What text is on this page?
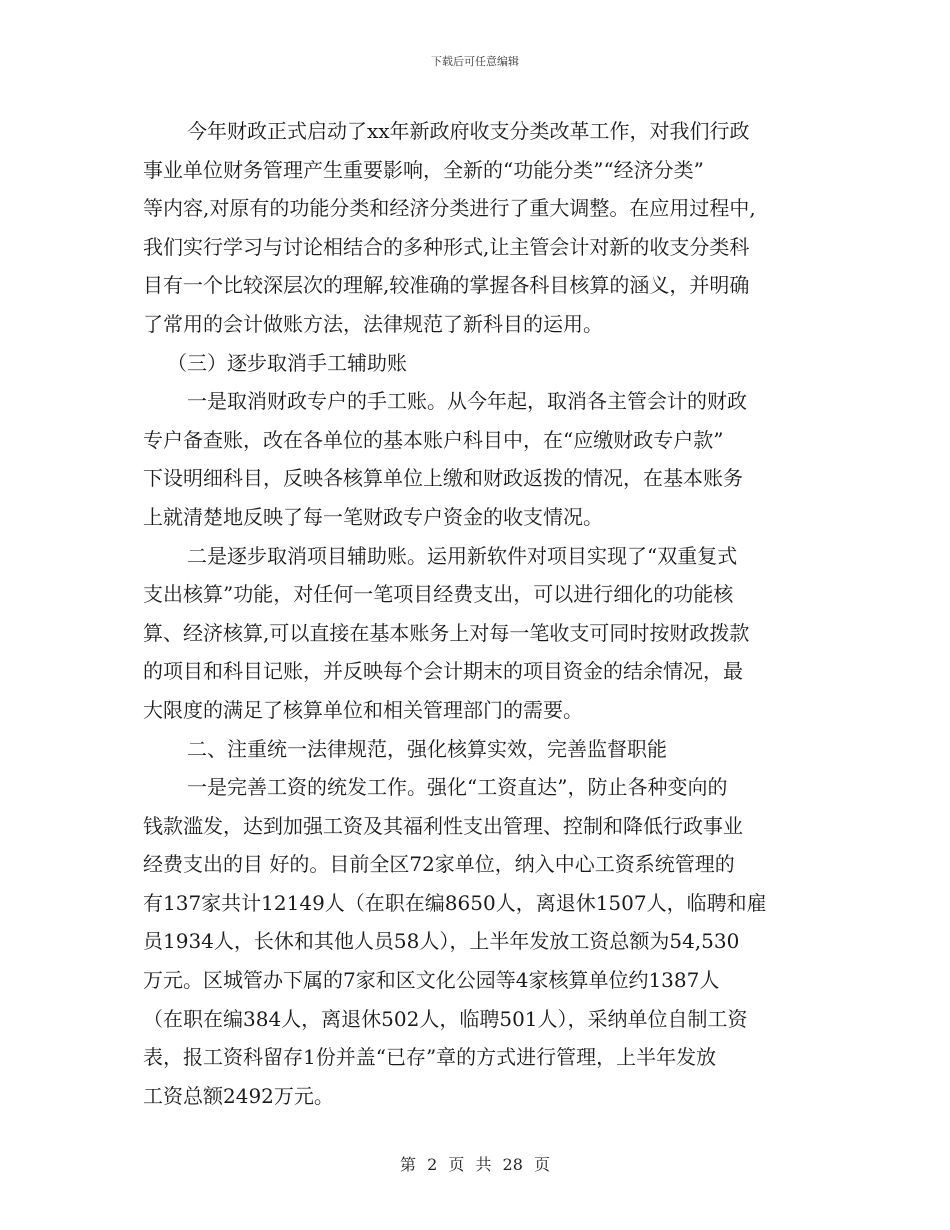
下载后可任意编辑
今年财政正式启动了xx年新政府收支分类改革工作，对我们行政
事业单位财务管理产生重要影响，全新的“功能分类”“经济分类”
等内容,对原有的功能分类和经济分类进行了重大调整。在应用过程中,
我们实行学习与讨论相结合的多种形式,让主管会计对新的收支分类科
目有一个比较深层次的理解,较准确的掌握各科目核算的涵义，并明确
了常用的会计做账方法，法律规范了新科目的运用。
（三）逐步取消手工辅助账
一是取消财政专户的手工账。从今年起，取消各主管会计的财政
专户备查账，改在各单位的基本账户科目中，在“应缴财政专户款”
下设明细科目，反映各核算单位上缴和财政返拨的情况，在基本账务
上就清楚地反映了每一笔财政专户资金的收支情况。
二是逐步取消项目辅助账。运用新软件对项目实现了“双重复式
支出核算”功能，对任何一笔项目经费支出，可以进行细化的功能核
算、经济核算,可以直接在基本账务上对每一笔收支可同时按财政拨款
的项目和科目记账，并反映每个会计期末的项目资金的结余情况，最
大限度的满足了核算单位和相关管理部门的需要。
二、注重统一法律规范，强化核算实效，完善监督职能
一是完善工资的统发工作。强化“工资直达”，防止各种变向的
钱款滥发，达到加强工资及其福利性支出管理、控制和降低行政事业
经费支出的目 好的。目前全区72家单位，纳入中心工资系统管理的
有137家共计12149人（在职在编8650人，离退休1507人，临聘和雇
员1934人，长休和其他人员58人），上半年发放工资总额为54,530
万元。区城管办下属的7家和区文化公园等4家核算单位约1387人
（在职在编384人，离退休502人，临聘501人），采纳单位自制工资
表，报工资科留存1份并盖“已存”章的方式进行管理，上半年发放
工资总额2492万元。
第 2 页 共 28 页
